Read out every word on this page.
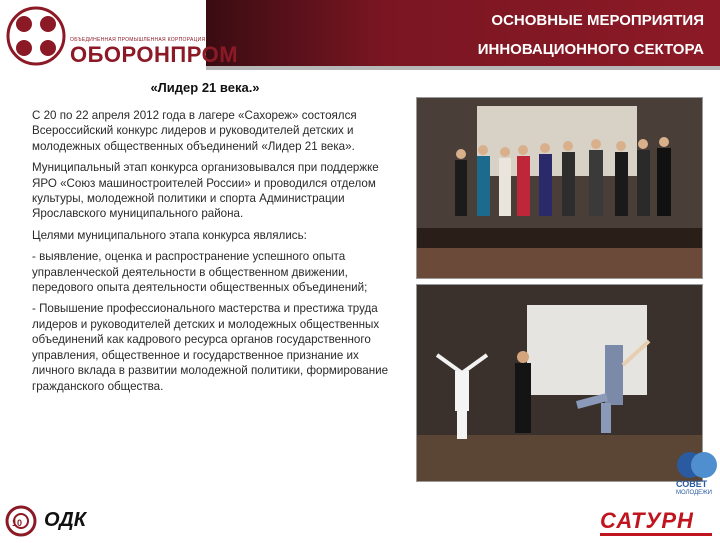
ОСНОВНЫЕ МЕРОПРИЯТИЯ
ИННОВАЦИОННОГО СЕКТОРА
ОБЪЕДИНЕННАЯ ПРОМЫШЛЕННАЯ КОРПОРАЦИЯ
ОБОРОНПРОМ
«Лидер 21 века.»

С 20 по 22 апреля 2012 года в лагере «Сахореж» состоялся Всероссийский конкурс лидеров и руководителей детских и молодежных общественных объединений «Лидер 21 века».

Муниципальный этап конкурса организовывался при поддержке ЯРО «Союз машиностроителей России» и проводился отделом культуры, молодежной политики и спорта Администрации Ярославского муниципального района.

Целями муниципального этапа конкурса являлись:

- выявление, оценка и распространение успешного опыта управленческой деятельности в общественном движении, передового опыта деятельности общественных объединений;

- Повышение профессионального мастерства и престижа труда лидеров и руководителей детских и молодежных общественных объединений как кадрового ресурса органов государственного управления, общественное и государственное признание их личного вклада в развитии молодежной политики, формирование гражданского общества.

СОВЕТ
МОЛОДЕЖИ
ОДК
10	САТУРН
